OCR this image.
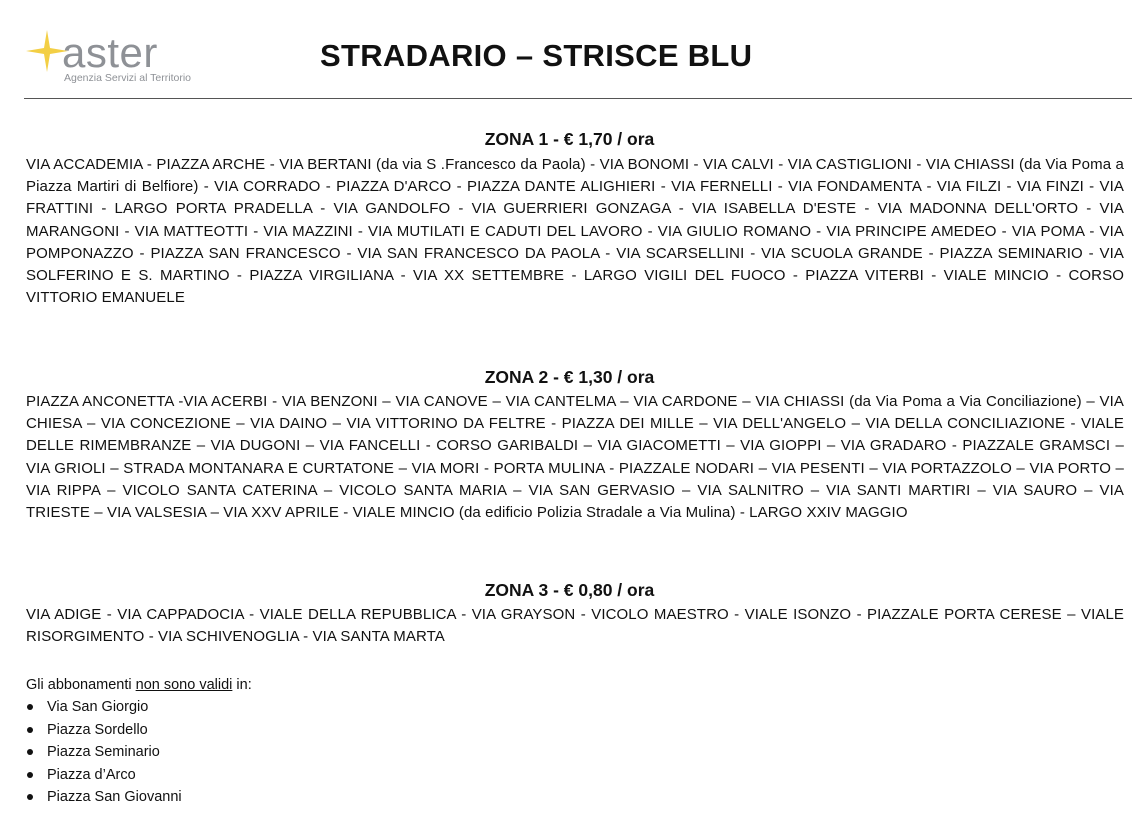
aster
Agenzia Servizi al Territorio
STRADARIO – STRISCE BLU
ZONA 1 - € 1,70 / ora
VIA ACCADEMIA - PIAZZA ARCHE - VIA BERTANI (da via S .Francesco da Paola) - VIA BONOMI - VIA CALVI - VIA CASTIGLIONI - VIA CHIASSI (da Via Poma a Piazza Martiri di Belfiore) - VIA CORRADO - PIAZZA D'ARCO - PIAZZA DANTE ALIGHIERI - VIA FERNELLI - VIA FONDAMENTA - VIA FILZI - VIA FINZI - VIA FRATTINI - LARGO PORTA PRADELLA - VIA GANDOLFO - VIA GUERRIERI GONZAGA - VIA ISABELLA D'ESTE - VIA MADONNA DELL'ORTO - VIA MARANGONI - VIA MATTEOTTI - VIA MAZZINI - VIA MUTILATI E CADUTI DEL LAVORO - VIA GIULIO ROMANO - VIA PRINCIPE AMEDEO - VIA POMA - VIA POMPONAZZO - PIAZZA SAN FRANCESCO - VIA SAN FRANCESCO DA PAOLA - VIA SCARSELLINI - VIA SCUOLA GRANDE - PIAZZA SEMINARIO - VIA SOLFERINO E S. MARTINO - PIAZZA VIRGILIANA - VIA XX SETTEMBRE - LARGO VIGILI DEL FUOCO - PIAZZA VITERBI - VIALE MINCIO - CORSO VITTORIO EMANUELE
ZONA 2 - € 1,30 / ora
PIAZZA ANCONETTA -VIA ACERBI - VIA BENZONI – VIA CANOVE – VIA CANTELMA – VIA CARDONE – VIA CHIASSI (da Via Poma a Via Conciliazione) – VIA CHIESA – VIA CONCEZIONE – VIA DAINO – VIA VITTORINO DA FELTRE - PIAZZA DEI MILLE – VIA DELL'ANGELO – VIA DELLA CONCILIAZIONE - VIALE DELLE RIMEMBRANZE – VIA DUGONI – VIA FANCELLI - CORSO GARIBALDI – VIA GIACOMETTI – VIA GIOPPI – VIA GRADARO - PIAZZALE GRAMSCI – VIA GRIOLI – STRADA MONTANARA E CURTATONE – VIA MORI - PORTA MULINA - PIAZZALE NODARI – VIA PESENTI – VIA PORTAZZOLO – VIA PORTO – VIA RIPPA – VICOLO SANTA CATERINA – VICOLO SANTA MARIA – VIA SAN GERVASIO – VIA SALNITRO – VIA SANTI MARTIRI – VIA SAURO – VIA TRIESTE – VIA VALSESIA – VIA XXV APRILE - VIALE MINCIO (da edificio Polizia Stradale a Via Mulina) - LARGO XXIV MAGGIO
ZONA 3 - € 0,80 / ora
VIA ADIGE - VIA CAPPADOCIA - VIALE DELLA REPUBBLICA - VIA GRAYSON - VICOLO MAESTRO - VIALE ISONZO - PIAZZALE PORTA CERESE – VIALE RISORGIMENTO - VIA SCHIVENOGLIA - VIA SANTA MARTA
Gli abbonamenti non sono validi in:
Via San Giorgio
Piazza Sordello
Piazza Seminario
Piazza d’Arco
Piazza San Giovanni
